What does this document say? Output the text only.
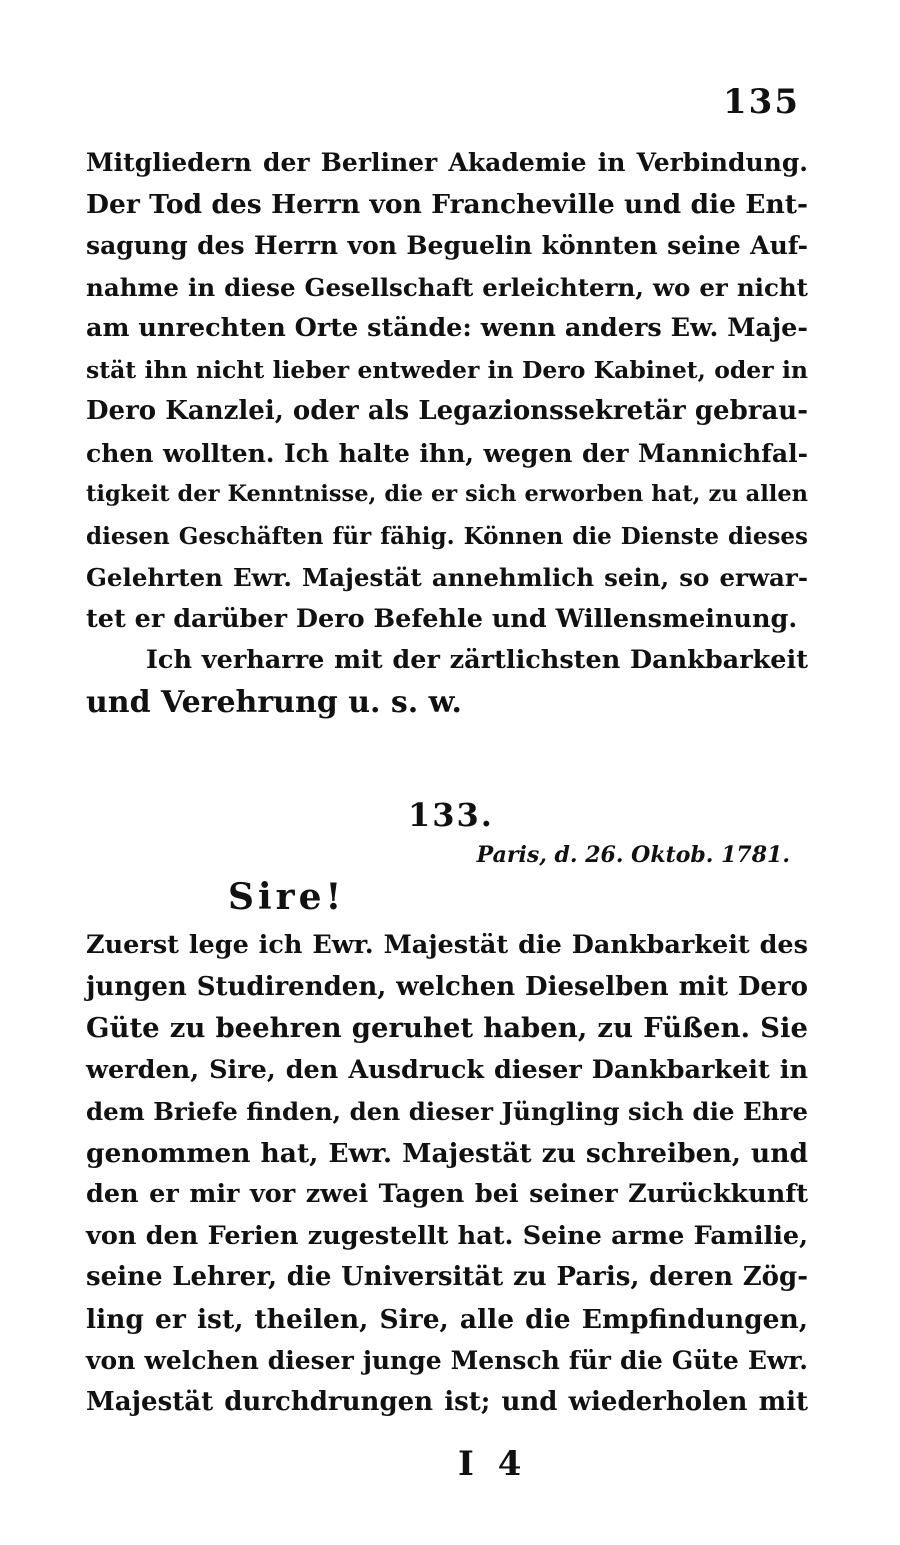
135
Mitgliedern der Berliner Akademie in Verbindung.
Der Tod des Herrn von Francheville und die Ent-
sagung des Herrn von Beguelin könnten seine Auf-
nahme in diese Gesellschaft erleichtern, wo er nicht
am unrechten Orte stände: wenn anders Ew. Maje-
stät ihn nicht lieber entweder in Dero Kabinet, oder in
Dero Kanzlei, oder als Legazionssekretär gebrau-
chen wollten. Ich halte ihn, wegen der Mannichfal-
tigkeit der Kenntnisse, die er sich erworben hat, zu allen
diesen Geschäften für fähig. Können die Dienste dieses
Gelehrten Ewr. Majestät annehmlich sein, so erwar-
tet er darüber Dero Befehle und Willensmeinung.
Ich verharre mit der zärtlichsten Dankbarkeit
und Verehrung u. s. w.
133.
Paris, d. 26. Oktob. 1781.
Sire!
Zuerst lege ich Ewr. Majestät die Dankbarkeit des
jungen Studirenden, welchen Dieselben mit Dero
Güte zu beehren geruhet haben, zu Füßen. Sie
werden, Sire, den Ausdruck dieser Dankbarkeit in
dem Briefe finden, den dieser Jüngling sich die Ehre
genommen hat, Ewr. Majestät zu schreiben, und
den er mir vor zwei Tagen bei seiner Zurückkunft
von den Ferien zugestellt hat. Seine arme Familie,
seine Lehrer, die Universität zu Paris, deren Zög-
ling er ist, theilen, Sire, alle die Empfindungen,
von welchen dieser junge Mensch für die Güte Ewr.
Majestät durchdrungen ist; und wiederholen mit
I 4
